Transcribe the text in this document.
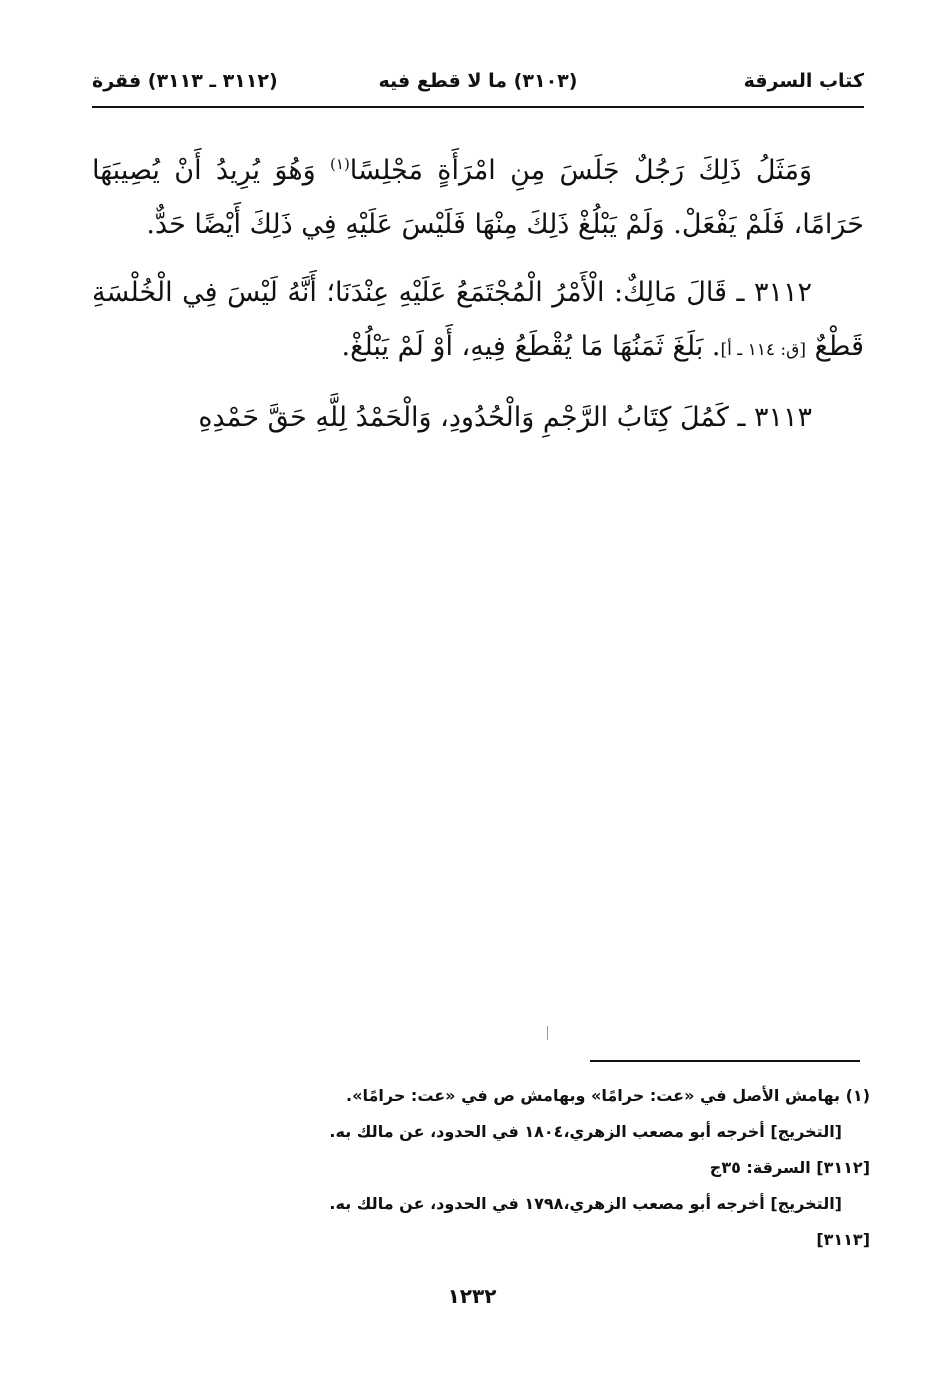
كتاب السرقة
(٣١٠٣) ما لا قطع فيه
(٣١١٢ ـ ٣١١٣) فقرة

وَمَثَلُ ذَلِكَ رَجُلٌ جَلَسَ مِنِ امْرَأَةٍ مَجْلِسًا$^{(١)}$ وَهُوَ يُرِيدُ أَنْ يُصِيبَهَا حَرَامًا، فَلَمْ يَفْعَلْ. وَلَمْ يَبْلُغْ ذَلِكَ مِنْهَا فَلَيْسَ عَلَيْهِ فِي ذَلِكَ أَيْضًا حَدٌّ.

٣١١٢ ـ قَالَ مَالِكٌ: الْأَمْرُ الْمُجْتَمَعُ عَلَيْهِ عِنْدَنَا؛ أَنَّهُ لَيْسَ فِي الْخُلْسَةِ قَطْعٌ [ق: ١١٤ ـ أ]. بَلَغَ ثَمَنُهَا مَا يُقْطَعُ فِيهِ، أَوْ لَمْ يَبْلُغْ.

٣١١٣ ـ كَمُلَ كِتَابُ الرَّجْمِ وَالْحُدُودِ، وَالْحَمْدُ لِلَّهِ حَقَّ حَمْدِهِ

(١) بهامش الأصل في «عت: حرامًا» وبهامش ص في «عت: حرامًا».
[التخريج] أخرجه أبو مصعب الزهري،١٨٠٤ في الحدود، عن مالك به.
[٣١١٢] السرقة: ٣٥ج
[التخريج] أخرجه أبو مصعب الزهري،١٧٩٨ في الحدود، عن مالك به.
[٣١١٣]
١٢٣٢
